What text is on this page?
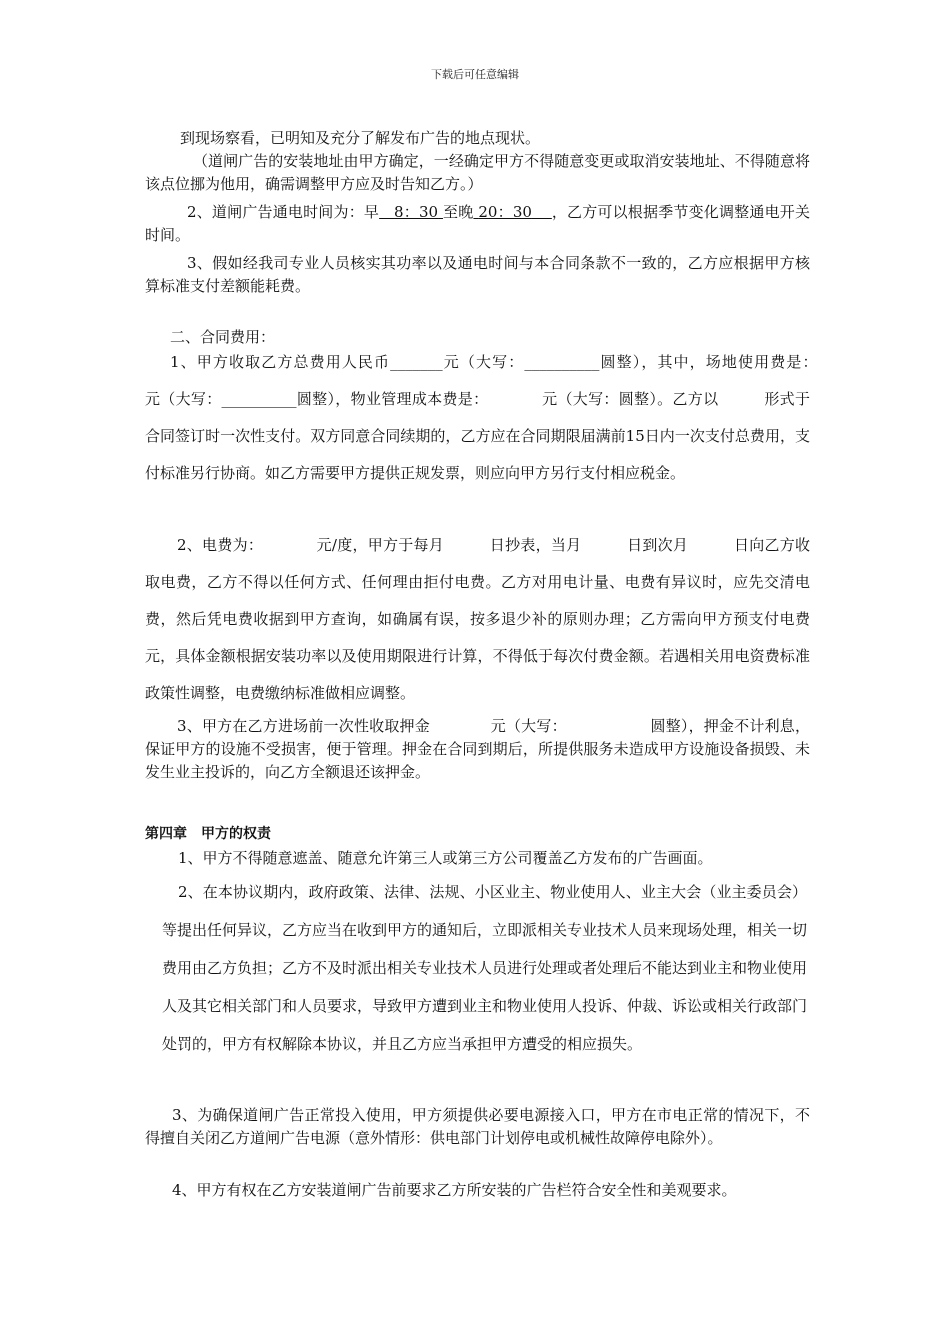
下载后可任意编辑
到现场察看，已明知及充分了解发布广告的地点现状。
（道闸广告的安装地址由甲方确定，一经确定甲方不得随意变更或取消安装地址、不得随意将该点位挪为他用，确需调整甲方应及时告知乙方。）
2、道闸广告通电时间为：早 8：30 至晚 20：30 ，乙方可以根据季节变化调整通电开关时间。
3、假如经我司专业人员核实其功率以及通电时间与本合同条款不一致的，乙方应根据甲方核算标准支付差额能耗费。
二、合同费用：
1、甲方收取乙方总费用人民币_______元（大写：__________圆整），其中，场地使用费是：　　　　元（大写：__________圆整），物业管理成本费是：　　　　元（大写：圆整）。乙方以　　　形式于合同签订时一次性支付。双方同意合同续期的，乙方应在合同期限届满前15日内一次支付总费用，支付标准另行协商。如乙方需要甲方提供正规发票，则应向甲方另行支付相应税金。
2、电费为：　　　　元/度，甲方于每月　　　日抄表，当月　　　日到次月　　　日向乙方收取电费，乙方不得以任何方式、任何理由拒付电费。乙方对用电计量、电费有异议时，应先交清电费，然后凭电费收据到甲方查询，如确属有误，按多退少补的原则办理；乙方需向甲方预支付电费　　　　元，具体金额根据安装功率以及使用期限进行计算，不得低于每次付费金额。若遇相关用电资费标准政策性调整，电费缴纳标准做相应调整。
3、甲方在乙方进场前一次性收取押金　　　　元（大写：　　　　　　圆整），押金不计利息，保证甲方的设施不受损害，便于管理。押金在合同到期后，所提供服务未造成甲方设施设备损毁、未发生业主投诉的，向乙方全额退还该押金。
第四章　甲方的权责
1、甲方不得随意遮盖、随意允许第三人或第三方公司覆盖乙方发布的广告画面。
2、在本协议期内，政府政策、法律、法规、小区业主、物业使用人、业主大会（业主委员会）等提出任何异议，乙方应当在收到甲方的通知后，立即派相关专业技术人员来现场处理，相关一切费用由乙方负担；乙方不及时派出相关专业技术人员进行处理或者处理后不能达到业主和物业使用人及其它相关部门和人员要求，导致甲方遭到业主和物业使用人投诉、仲裁、诉讼或相关行政部门处罚的，甲方有权解除本协议，并且乙方应当承担甲方遭受的相应损失。
3、为确保道闸广告正常投入使用，甲方须提供必要电源接入口，甲方在市电正常的情况下，不得擅自关闭乙方道闸广告电源（意外情形：供电部门计划停电或机械性故障停电除外）。
4、甲方有权在乙方安装道闸广告前要求乙方所安装的广告栏符合安全性和美观要求。
